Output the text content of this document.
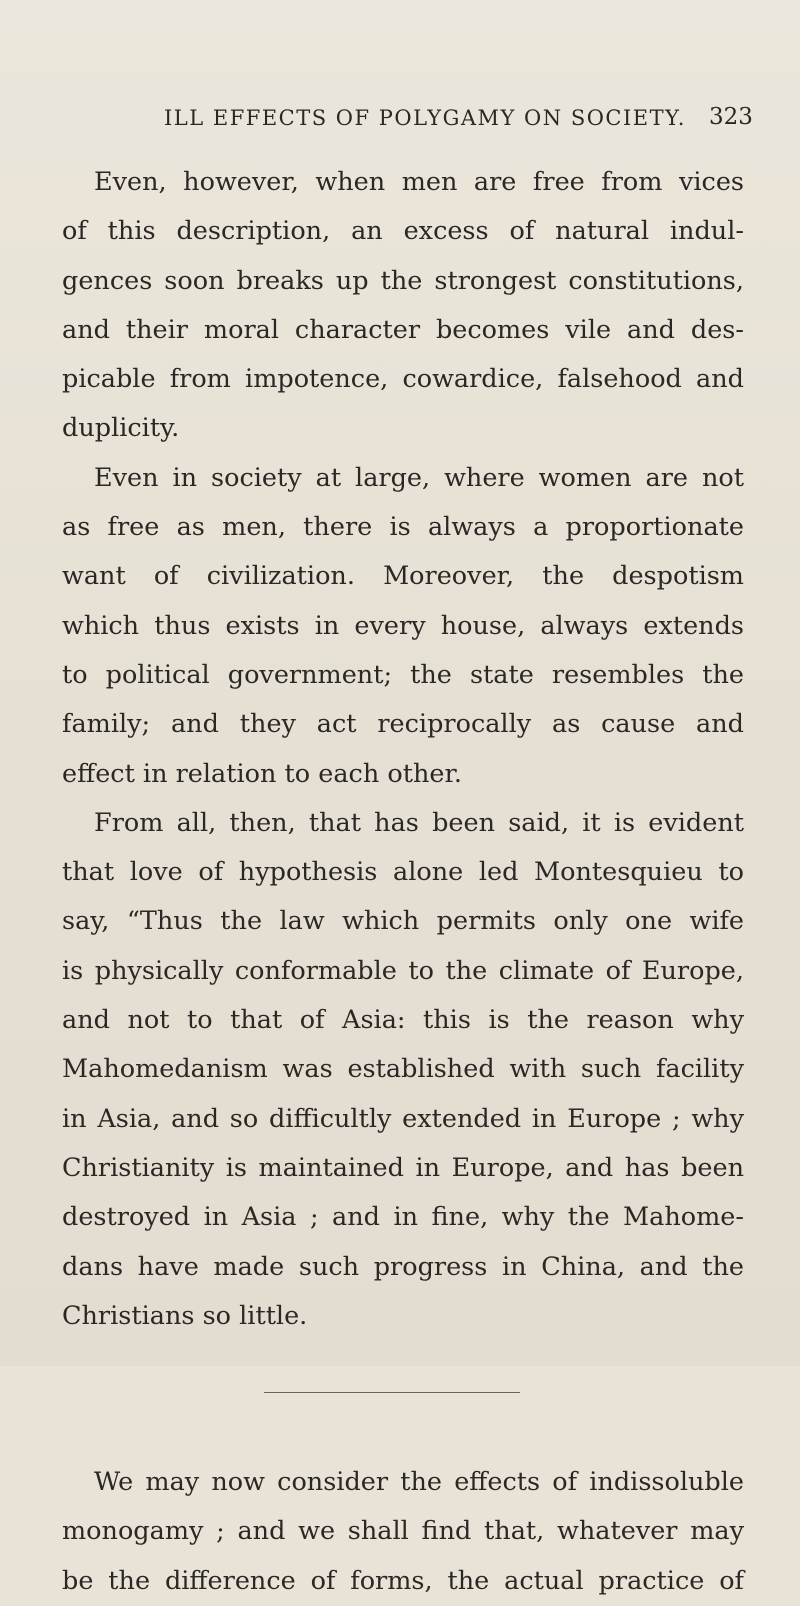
ILL EFFECTS OF POLYGAMY ON SOCIETY. 323

Even, however, when men are free from vices

of this description, an excess of natural indul-

gences soon breaks up the strongest constitutions,

and their moral character becomes vile and des-

picable from impotence, cowardice, falsehood and

duplicity.

Even in society at large, where women are not

as free as men, there is always a proportionate

want of civilization. Moreover, the despotism

which thus exists in every house, always extends

to political government; the state resembles the

family; and they act reciprocally as cause and

effect in relation to each other.

From all, then, that has been said, it is evident

that love of hypothesis alone led Montesquieu to

say, “Thus the law which permits only one wife

is physically conformable to the climate of Europe,

and not to that of Asia: this is the reason why

Mahomedanism was established with such facility

in Asia, and so difficultly extended in Europe ; why

Christianity is maintained in Europe, and has been

destroyed in Asia ; and in fine, why the Mahome-

dans have made such progress in China, and the

Christians so little.

We may now consider the effects of indissoluble

monogamy ; and we shall find that, whatever may

be the difference of forms, the actual practice of
